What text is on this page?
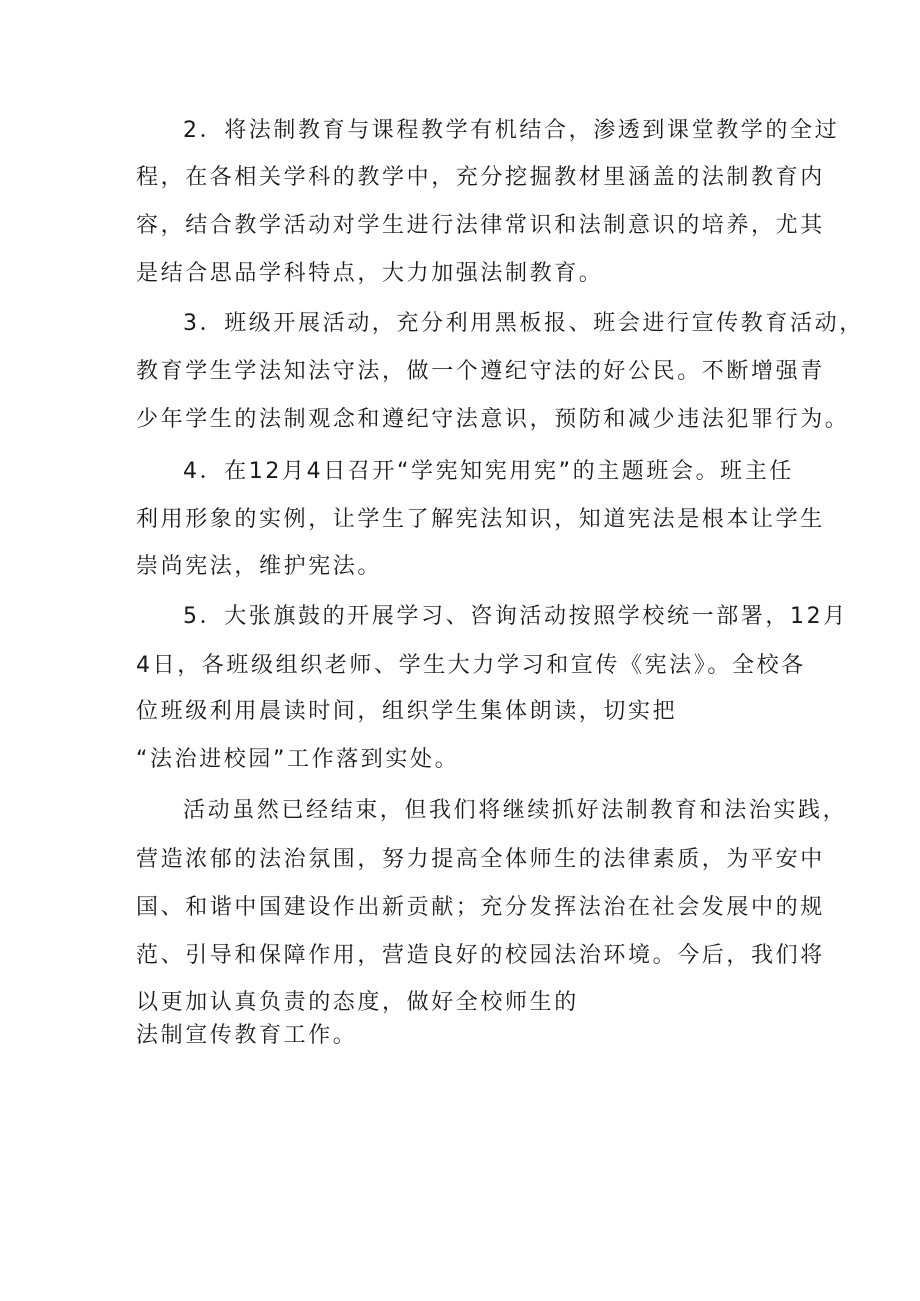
2．将法制教育与课程教学有机结合，渗透到课堂教学的全过
程，在各相关学科的教学中，充分挖掘教材里涵盖的法制教育内
容，结合教学活动对学生进行法律常识和法制意识的培养，尤其
是结合思品学科特点，大力加强法制教育。
3．班级开展活动，充分利用黑板报、班会进行宣传教育活动，
教育学生学法知法守法，做一个遵纪守法的好公民。不断增强青
少年学生的法制观念和遵纪守法意识，预防和减少违法犯罪行为。
4．在12月4日召开“学宪知宪用宪”的主题班会。班主任
利用形象的实例，让学生了解宪法知识，知道宪法是根本让学生
崇尚宪法，维护宪法。
5．大张旗鼓的开展学习、咨询活动按照学校统一部署，12月
4日，各班级组织老师、学生大力学习和宣传《宪法》。全校各
位班级利用晨读时间，组织学生集体朗读，切实把
“法治进校园”工作落到实处。
活动虽然已经结束，但我们将继续抓好法制教育和法治实践，
营造浓郁的法治氛围，努力提高全体师生的法律素质，为平安中
国、和谐中国建设作出新贡献；充分发挥法治在社会发展中的规
范、引导和保障作用，营造良好的校园法治环境。今后，我们将
以更加认真负责的态度，做好全校师生的
法制宣传教育工作。
